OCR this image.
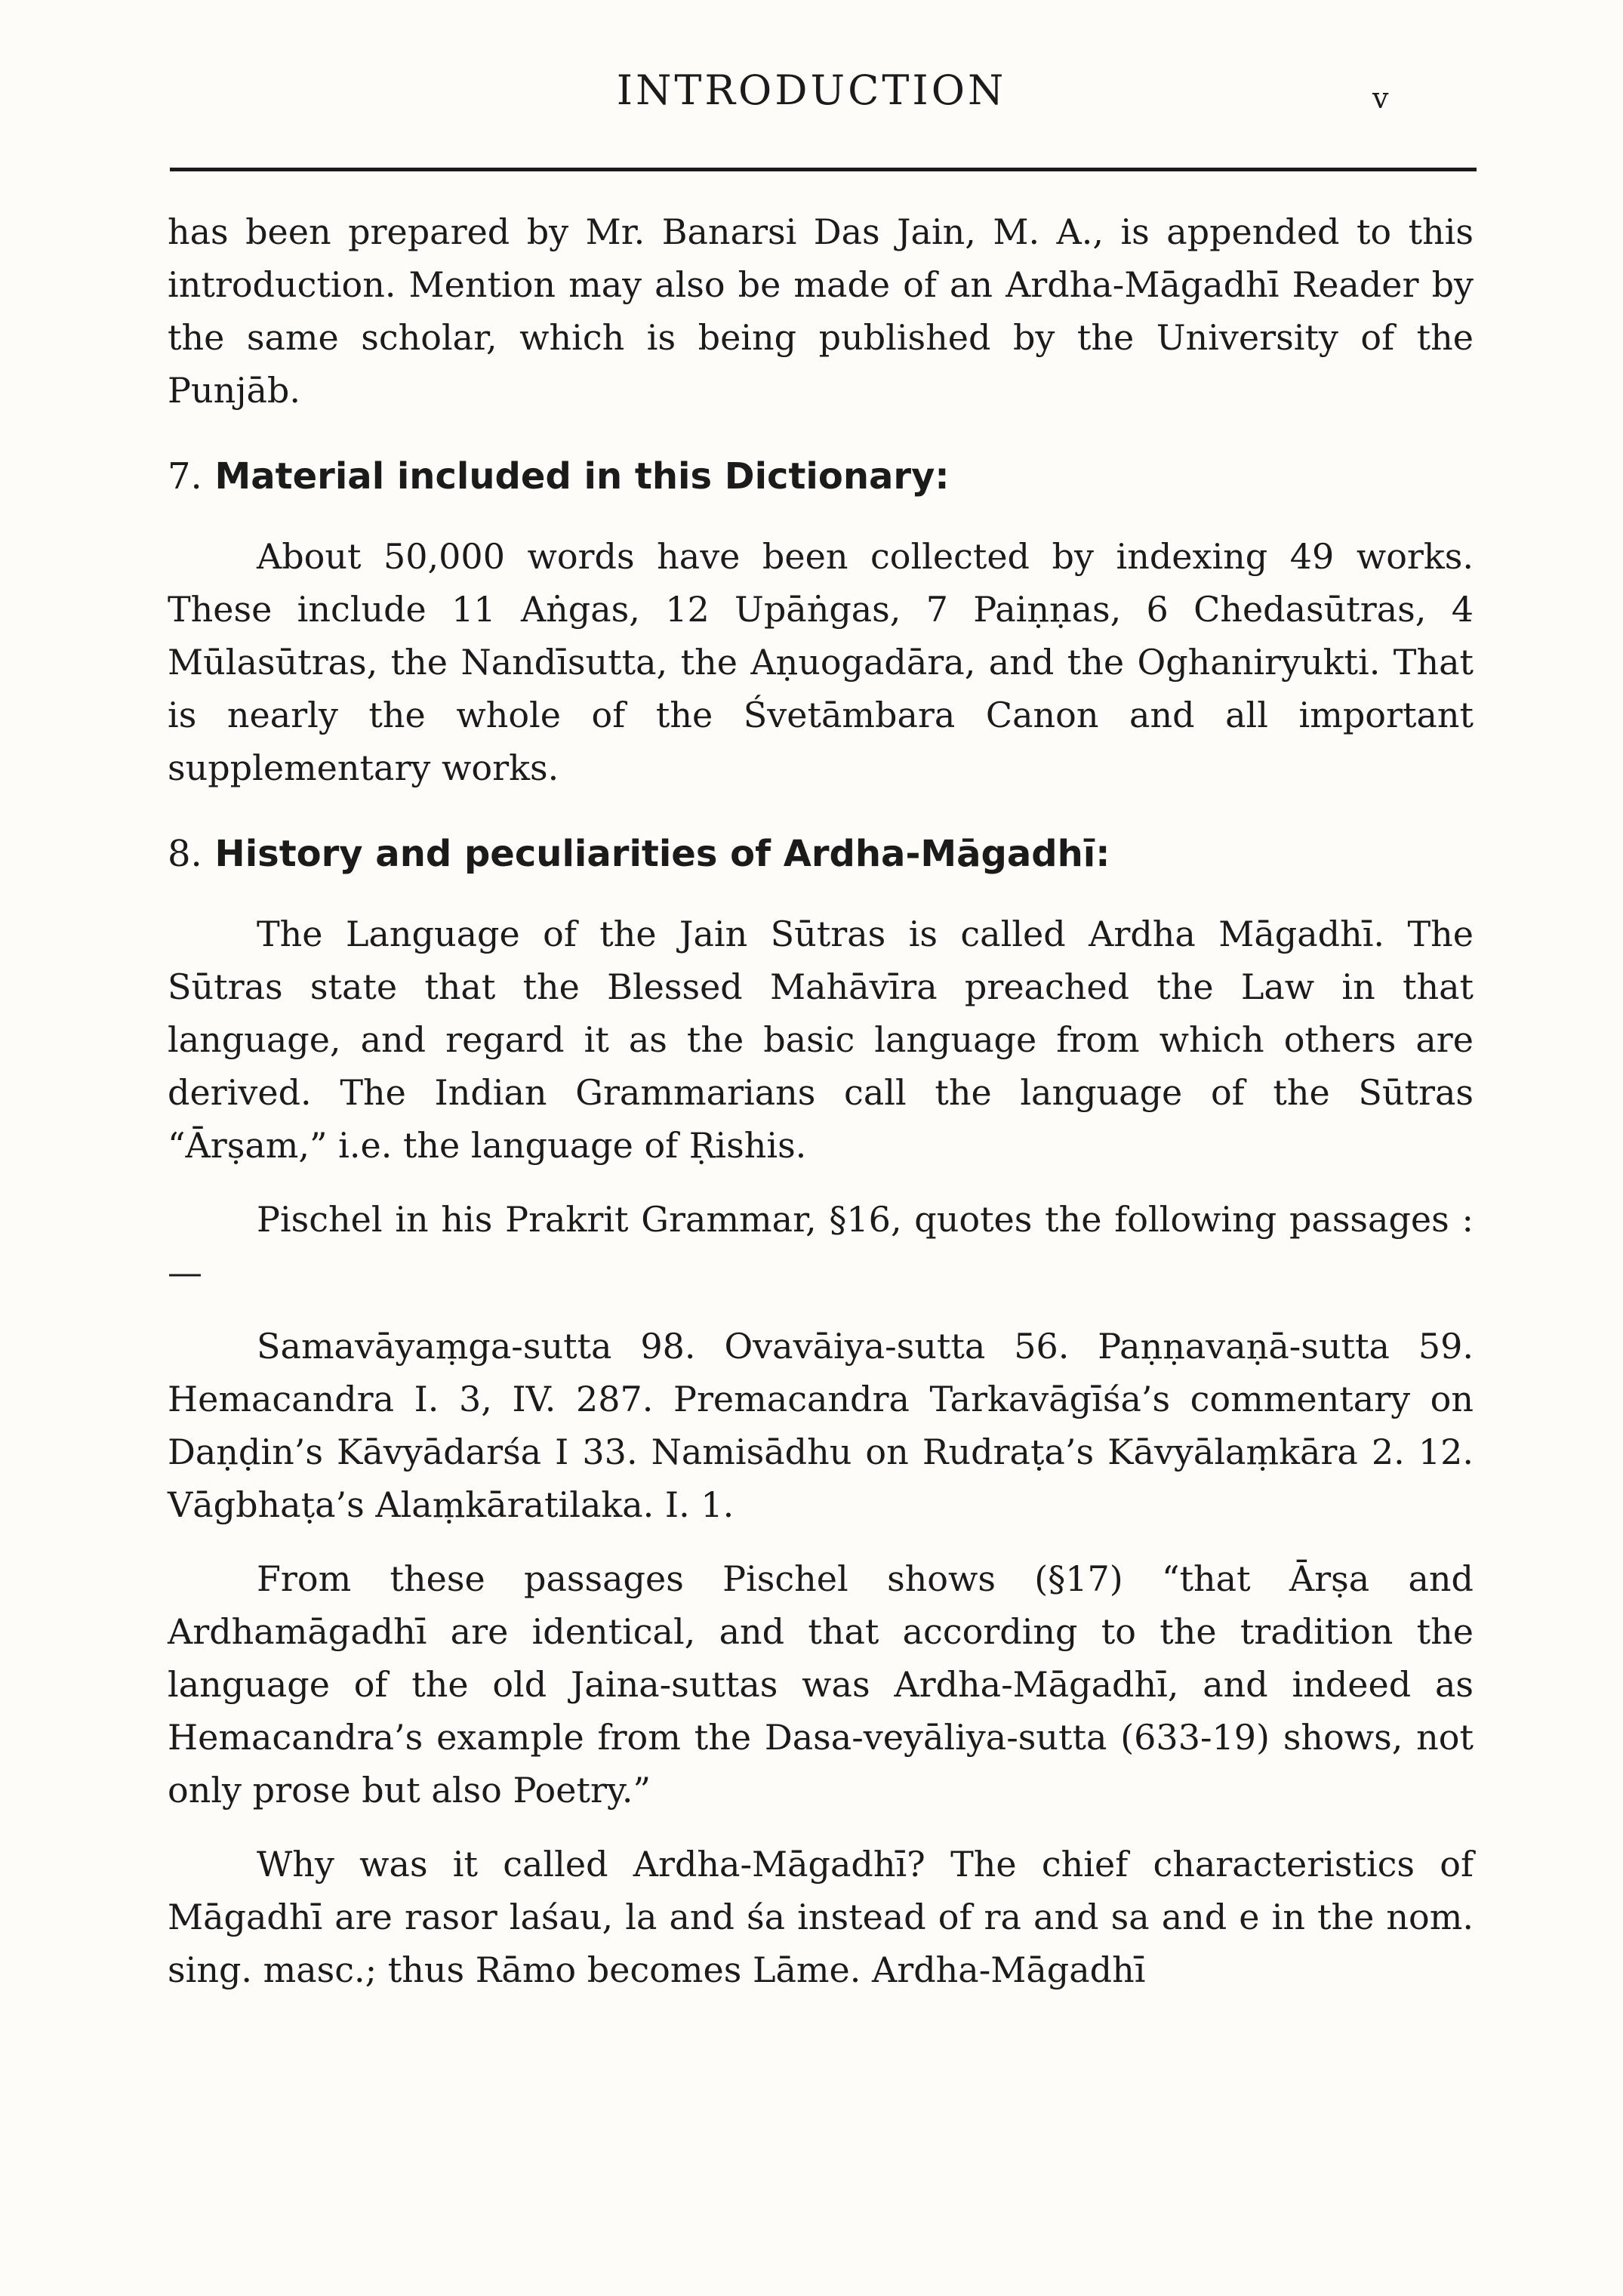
INTRODUCTION	v

has been prepared by Mr. Banarsi Das Jain, M. A., is appended to this introduction. Mention may also be made of an Ardha-Māgadhī Reader by the same scholar, which is being published by the University of the Punjāb.

7. Material included in this Dictionary:

About 50,000 words have been collected by indexing 49 works. These include 11 Aṅgas, 12 Upāṅgas, 7 Paiṇṇas, 6 Chedasūtras, 4 Mūlasūtras, the Nandīsutta, the Aṇuogadāra, and the Oghaniryukti. That is nearly the whole of the Śvetāmbara Canon and all important supplementary works.

8. History and peculiarities of Ardha-Māgadhī:

The Language of the Jain Sūtras is called Ardha Māgadhī. The Sūtras state that the Blessed Mahāvīra preached the Law in that language, and regard it as the basic language from which others are derived. The Indian Grammarians call the language of the Sūtras “Ārṣam,” i.e. the language of Ṛishis.

Pischel in his Prakrit Grammar, §16, quotes the following passages :—

Samavāyaṃga-sutta 98. Ovavāiya-sutta 56. Paṇṇavaṇā-sutta 59. Hemacandra I. 3, IV. 287. Premacandra Tarkavāgīśa’s commentary on Daṇḍin’s Kāvyādarśa I 33. Namisādhu on Rudraṭa’s Kāvyālaṃkāra 2. 12. Vāgbhaṭa’s Alaṃkāratilaka. I. 1.

From these passages Pischel shows (§17) “that Ārṣa and Ardhamāgadhī are identical, and that according to the tradition the language of the old Jaina-suttas was Ardha-Māgadhī, and indeed as Hemacandra’s example from the Dasa-veyāliya-sutta (633-19) shows, not only prose but also Poetry.”

Why was it called Ardha-Māgadhī? The chief characteristics of Māgadhī are rasor laśau, la and śa instead of ra and sa and e in the nom. sing. masc.; thus Rāmo becomes Lāme. Ardha-Māgadhī
